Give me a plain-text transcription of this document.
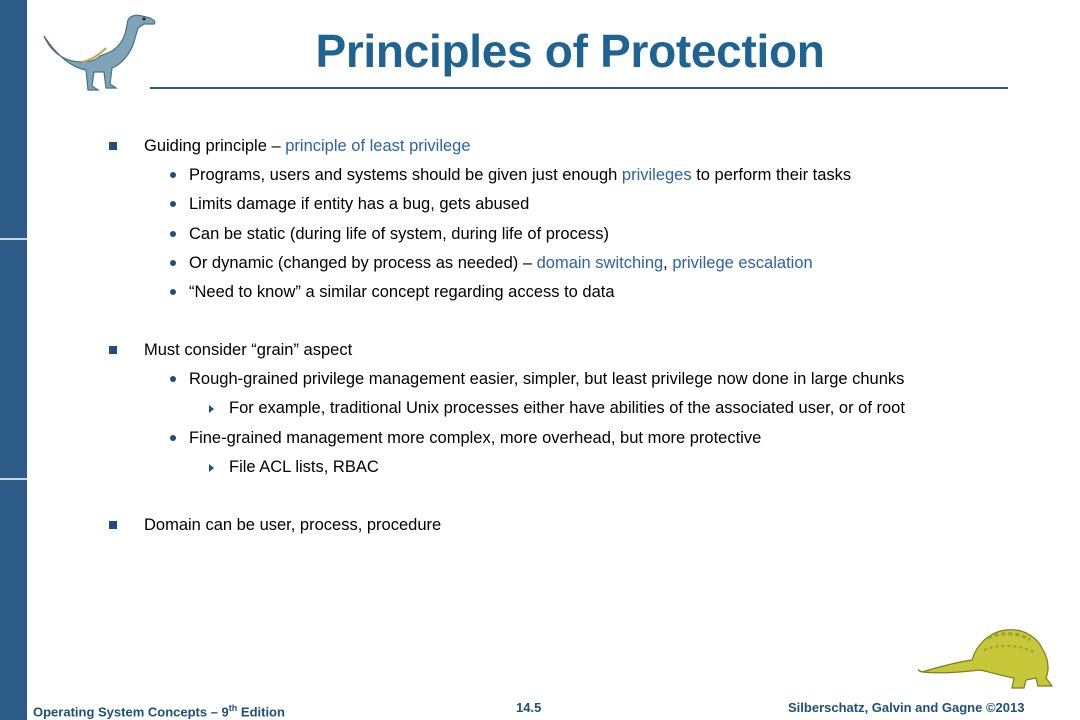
Principles of Protection
Guiding principle – principle of least privilege
Programs, users and systems should be given just enough privileges to perform their tasks
Limits damage if entity has a bug, gets abused
Can be static (during life of system, during life of process)
Or dynamic (changed by process as needed) – domain switching, privilege escalation
“Need to know” a similar concept regarding access to data
Must consider “grain” aspect
Rough-grained privilege management easier, simpler, but least privilege now done in large chunks
For example, traditional Unix processes either have abilities of the associated user, or of root
Fine-grained management more complex, more overhead, but more protective
File ACL lists, RBAC
Domain can be user, process, procedure
Operating System Concepts – 9th Edition	14.5	Silberschatz, Galvin and Gagne ©2013
